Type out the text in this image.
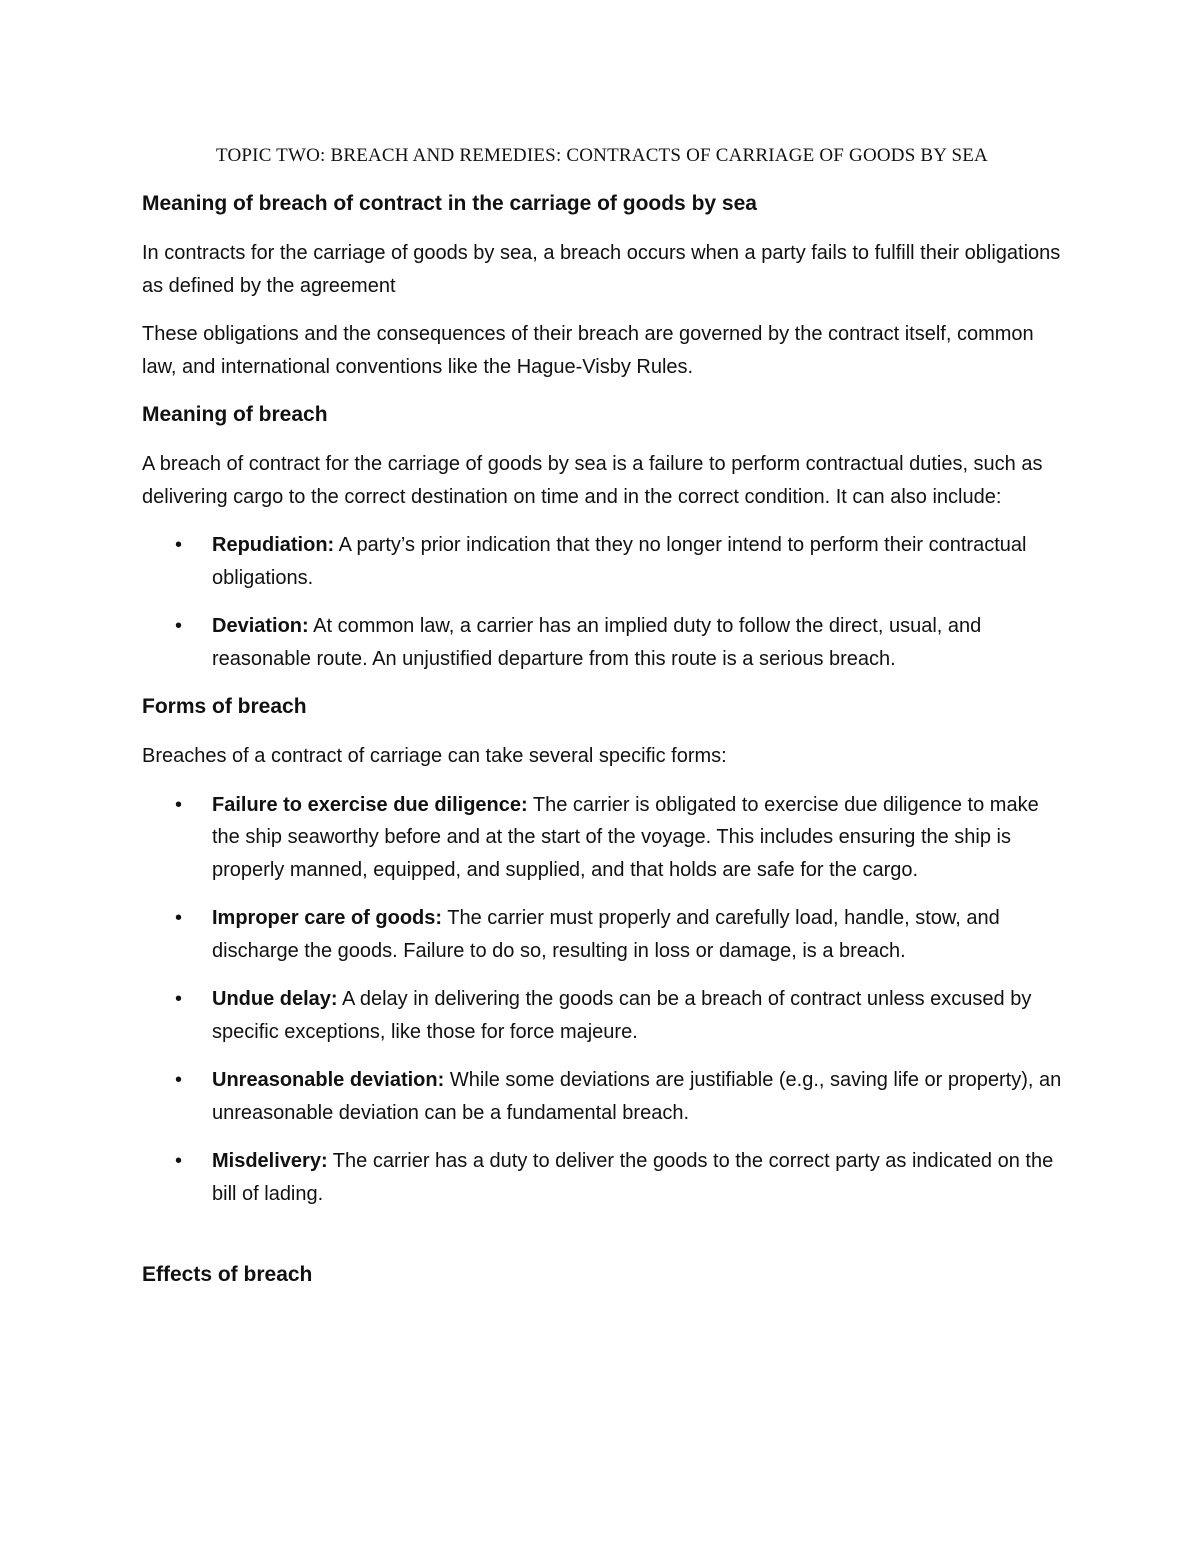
TOPIC TWO: BREACH AND REMEDIES: CONTRACTS OF CARRIAGE OF GOODS BY SEA

Meaning of breach of contract in the carriage of goods by sea

In contracts for the carriage of goods by sea, a breach occurs when a party fails to fulfill their obligations as defined by the agreement

These obligations and the consequences of their breach are governed by the contract itself, common law, and international conventions like the Hague-Visby Rules.

Meaning of breach

A breach of contract for the carriage of goods by sea is a failure to perform contractual duties, such as delivering cargo to the correct destination on time and in the correct condition. It can also include:

• Repudiation: A party’s prior indication that they no longer intend to perform their contractual obligations.
• Deviation: At common law, a carrier has an implied duty to follow the direct, usual, and reasonable route. An unjustified departure from this route is a serious breach.

Forms of breach

Breaches of a contract of carriage can take several specific forms:

• Failure to exercise due diligence: The carrier is obligated to exercise due diligence to make the ship seaworthy before and at the start of the voyage. This includes ensuring the ship is properly manned, equipped, and supplied, and that holds are safe for the cargo.
• Improper care of goods: The carrier must properly and carefully load, handle, stow, and discharge the goods. Failure to do so, resulting in loss or damage, is a breach.
• Undue delay: A delay in delivering the goods can be a breach of contract unless excused by specific exceptions, like those for force majeure.
• Unreasonable deviation: While some deviations are justifiable (e.g., saving life or property), an unreasonable deviation can be a fundamental breach.
• Misdelivery: The carrier has a duty to deliver the goods to the correct party as indicated on the bill of lading.

Effects of breach
